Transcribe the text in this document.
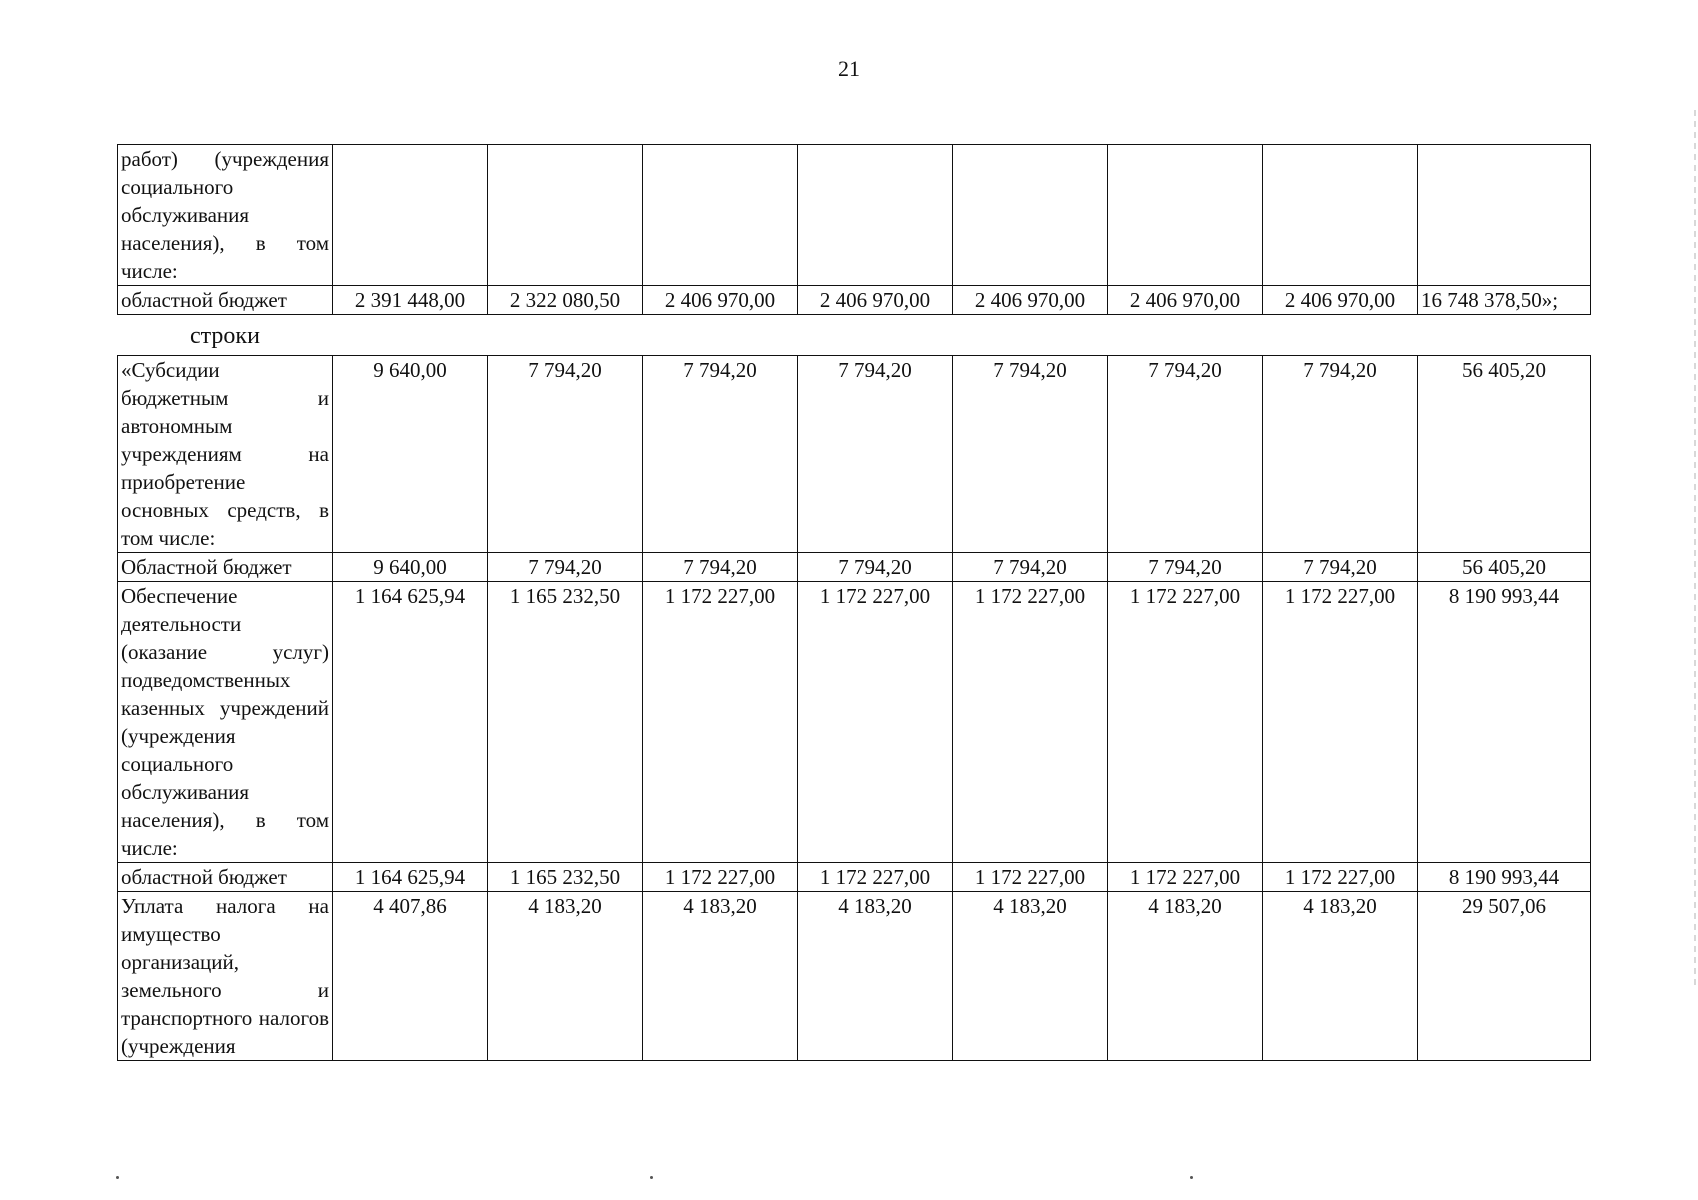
21
работ) (учреждения социального обслуживания населения), в том числе:								
областной бюджет	2 391 448,00	2 322 080,50	2 406 970,00	2 406 970,00	2 406 970,00	2 406 970,00	2 406 970,00	16 748 378,50»;
строки
«Субсидии бюджетным и автономным учреждениям на приобретение основных средств, в том числе:	9 640,00	7 794,20	7 794,20	7 794,20	7 794,20	7 794,20	7 794,20	56 405,20
Областной бюджет	9 640,00	7 794,20	7 794,20	7 794,20	7 794,20	7 794,20	7 794,20	56 405,20
Обеспечение деятельности (оказание услуг) подведомственных казенных учреждений (учреждения социального обслуживания населения), в том числе:	1 164 625,94	1 165 232,50	1 172 227,00	1 172 227,00	1 172 227,00	1 172 227,00	1 172 227,00	8 190 993,44
областной бюджет	1 164 625,94	1 165 232,50	1 172 227,00	1 172 227,00	1 172 227,00	1 172 227,00	1 172 227,00	8 190 993,44
Уплата налога на имущество организаций, земельного и транспортного налогов (учреждения	4 407,86	4 183,20	4 183,20	4 183,20	4 183,20	4 183,20	4 183,20	29 507,06
